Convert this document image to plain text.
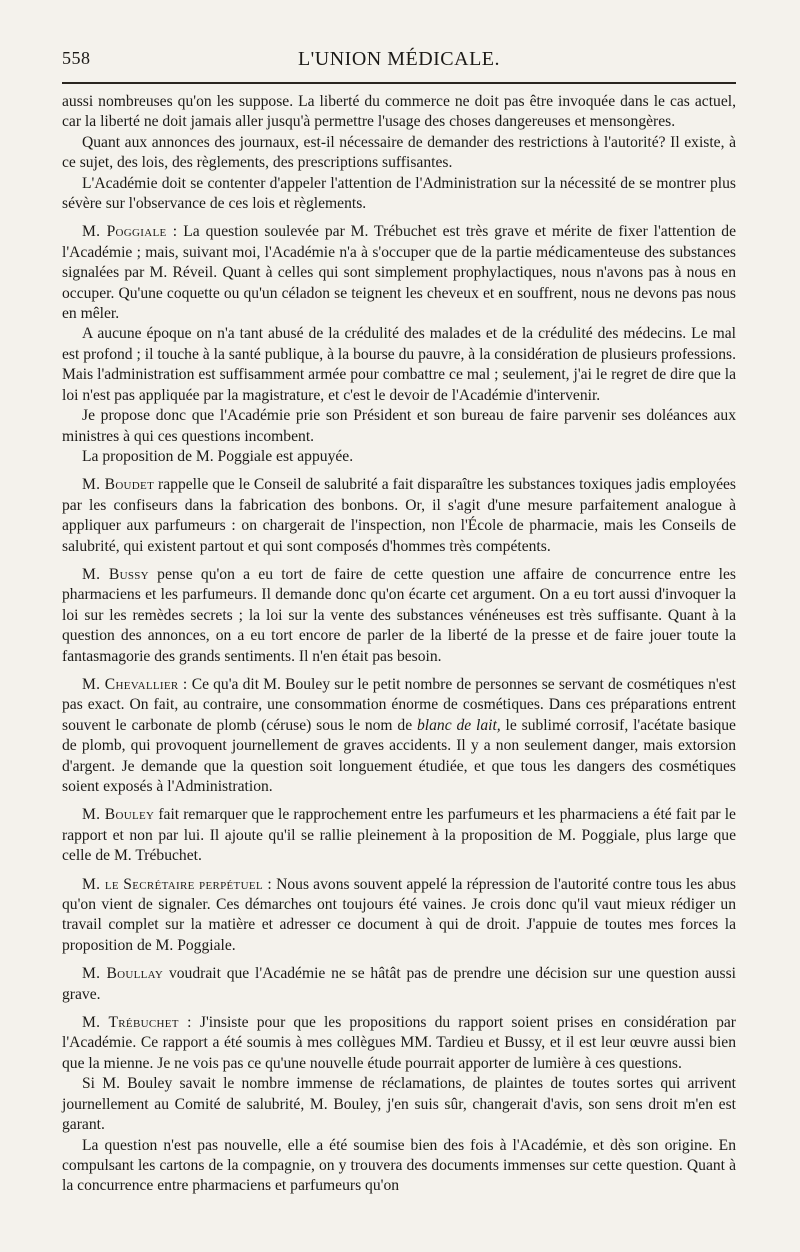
558	L'UNION MÉDICALE.

aussi nombreuses qu'on les suppose. La liberté du commerce ne doit pas être invoquée dans le cas actuel, car la liberté ne doit jamais aller jusqu'à permettre l'usage des choses dangereuses et mensongères.

Quant aux annonces des journaux, est-il nécessaire de demander des restrictions à l'autorité? Il existe, à ce sujet, des lois, des règlements, des prescriptions suffisantes.

L'Académie doit se contenter d'appeler l'attention de l'Administration sur la nécessité de se montrer plus sévère sur l'observance de ces lois et règlements.

M. Poggiale : La question soulevée par M. Trébuchet est très grave et mérite de fixer l'attention de l'Académie ; mais, suivant moi, l'Académie n'a à s'occuper que de la partie médicamenteuse des substances signalées par M. Réveil. Quant à celles qui sont simplement prophylactiques, nous n'avons pas à nous en occuper. Qu'une coquette ou qu'un céladon se teignent les cheveux et en souffrent, nous ne devons pas nous en mêler.

A aucune époque on n'a tant abusé de la crédulité des malades et de la crédulité des médecins. Le mal est profond ; il touche à la santé publique, à la bourse du pauvre, à la considération de plusieurs professions. Mais l'administration est suffisamment armée pour combattre ce mal ; seulement, j'ai le regret de dire que la loi n'est pas appliquée par la magistrature, et c'est le devoir de l'Académie d'intervenir.

Je propose donc que l'Académie prie son Président et son bureau de faire parvenir ses doléances aux ministres à qui ces questions incombent.

La proposition de M. Poggiale est appuyée.

M. Boudet rappelle que le Conseil de salubrité a fait disparaître les substances toxiques jadis employées par les confiseurs dans la fabrication des bonbons. Or, il s'agit d'une mesure parfaitement analogue à appliquer aux parfumeurs : on chargerait de l'inspection, non l'École de pharmacie, mais les Conseils de salubrité, qui existent partout et qui sont composés d'hommes très compétents.

M. Bussy pense qu'on a eu tort de faire de cette question une affaire de concurrence entre les pharmaciens et les parfumeurs. Il demande donc qu'on écarte cet argument. On a eu tort aussi d'invoquer la loi sur les remèdes secrets ; la loi sur la vente des substances vénéneuses est très suffisante. Quant à la question des annonces, on a eu tort encore de parler de la liberté de la presse et de faire jouer toute la fantasmagorie des grands sentiments. Il n'en était pas besoin.

M. Chevallier : Ce qu'a dit M. Bouley sur le petit nombre de personnes se servant de cosmétiques n'est pas exact. On fait, au contraire, une consommation énorme de cosmétiques. Dans ces préparations entrent souvent le carbonate de plomb (céruse) sous le nom de blanc de lait, le sublimé corrosif, l'acétate basique de plomb, qui provoquent journellement de graves accidents. Il y a non seulement danger, mais extorsion d'argent. Je demande que la question soit longuement étudiée, et que tous les dangers des cosmétiques soient exposés à l'Administration.

M. Bouley fait remarquer que le rapprochement entre les parfumeurs et les pharmaciens a été fait par le rapport et non par lui. Il ajoute qu'il se rallie pleinement à la proposition de M. Poggiale, plus large que celle de M. Trébuchet.

M. le Secrétaire perpétuel : Nous avons souvent appelé la répression de l'autorité contre tous les abus qu'on vient de signaler. Ces démarches ont toujours été vaines. Je crois donc qu'il vaut mieux rédiger un travail complet sur la matière et adresser ce document à qui de droit. J'appuie de toutes mes forces la proposition de M. Poggiale.

M. Boullay voudrait que l'Académie ne se hâtât pas de prendre une décision sur une question aussi grave.

M. Trébuchet : J'insiste pour que les propositions du rapport soient prises en considération par l'Académie. Ce rapport a été soumis à mes collègues MM. Tardieu et Bussy, et il est leur œuvre aussi bien que la mienne. Je ne vois pas ce qu'une nouvelle étude pourrait apporter de lumière à ces questions.

Si M. Bouley savait le nombre immense de réclamations, de plaintes de toutes sortes qui arrivent journellement au Comité de salubrité, M. Bouley, j'en suis sûr, changerait d'avis, son sens droit m'en est garant.

La question n'est pas nouvelle, elle a été soumise bien des fois à l'Académie, et dès son origine. En compulsant les cartons de la compagnie, on y trouvera des documents immenses sur cette question. Quant à la concurrence entre pharmaciens et parfumeurs qu'on
